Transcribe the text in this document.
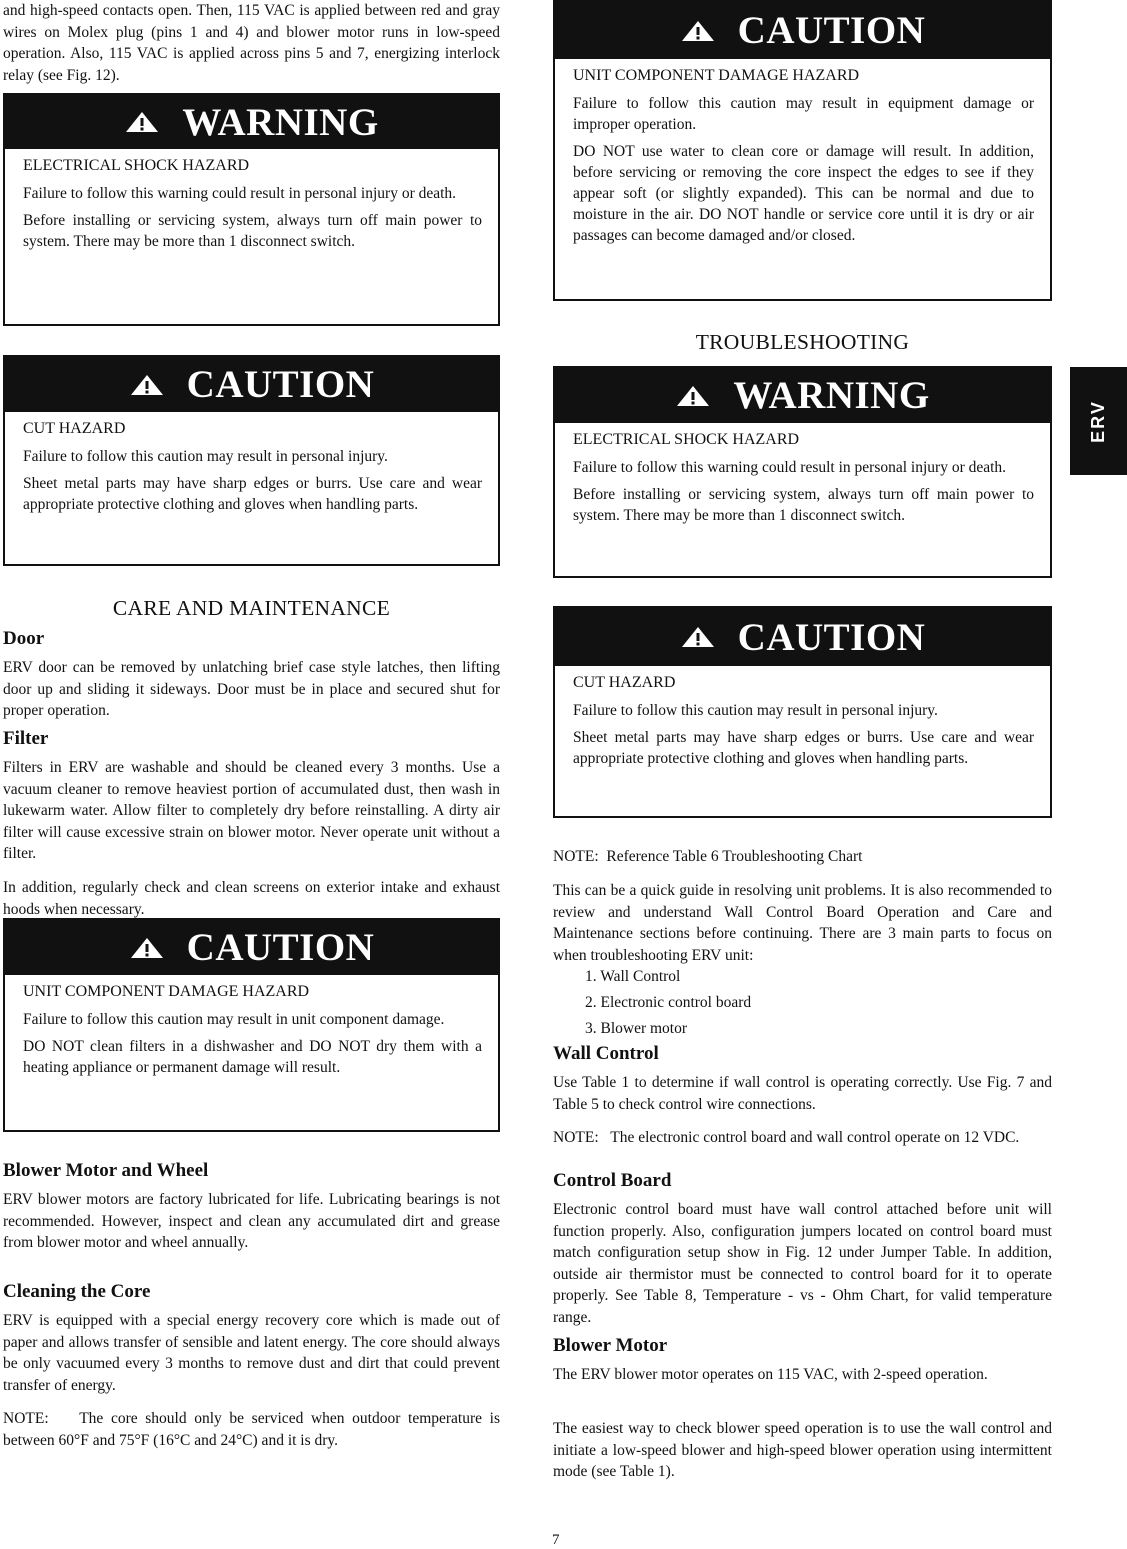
and high-speed contacts open. Then, 115 VAC is applied between red and gray wires on Molex plug (pins 1 and 4) and blower motor runs in low-speed operation. Also, 115 VAC is applied across pins 5 and 7, energizing interlock relay (see Fig. 12).

WARNING
ELECTRICAL SHOCK HAZARD

Failure to follow this warning could result in personal injury or death.

Before installing or servicing system, always turn off main power to system. There may be more than 1 disconnect switch.

CAUTION
CUT HAZARD

Failure to follow this caution may result in personal injury.

Sheet metal parts may have sharp edges or burrs. Use care and wear appropriate protective clothing and gloves when handling parts.

CARE AND MAINTENANCE
Door

ERV door can be removed by unlatching brief case style latches, then lifting door up and sliding it sideways. Door must be in place and secured shut for proper operation.

Filter

Filters in ERV are washable and should be cleaned every 3 months. Use a vacuum cleaner to remove heaviest portion of accumulated dust, then wash in lukewarm water. Allow filter to completely dry before reinstalling. A dirty air filter will cause excessive strain on blower motor. Never operate unit without a filter.

In addition, regularly check and clean screens on exterior intake and exhaust hoods when necessary.

CAUTION
UNIT COMPONENT DAMAGE HAZARD

Failure to follow this caution may result in unit component damage.

DO NOT clean filters in a dishwasher and DO NOT dry them with a heating appliance or permanent damage will result.

Blower Motor and Wheel

ERV blower motors are factory lubricated for life. Lubricating bearings is not recommended. However, inspect and clean any accumulated dirt and grease from blower motor and wheel annually.

Cleaning the Core

ERV is equipped with a special energy recovery core which is made out of paper and allows transfer of sensible and latent energy. The core should always be only vacuumed every 3 months to remove dust and dirt that could prevent transfer of energy.

NOTE: The core should only be serviced when outdoor temperature is between 60°F and 75°F (16°C and 24°C) and it is dry.

CAUTION
UNIT COMPONENT DAMAGE HAZARD

Failure to follow this caution may result in equipment damage or improper operation.

DO NOT use water to clean core or damage will result. In addition, before servicing or removing the core inspect the edges to see if they appear soft (or slightly expanded). This can be normal and due to moisture in the air. DO NOT handle or service core until it is dry or air passages can become damaged and/or closed.

TROUBLESHOOTING
WARNING
ELECTRICAL SHOCK HAZARD

Failure to follow this warning could result in personal injury or death.

Before installing or servicing system, always turn off main power to system. There may be more than 1 disconnect switch.

CAUTION
CUT HAZARD

Failure to follow this caution may result in personal injury.

Sheet metal parts may have sharp edges or burrs. Use care and wear appropriate protective clothing and gloves when handling parts.

NOTE: Reference Table 6 Troubleshooting Chart

This can be a quick guide in resolving unit problems. It is also recommended to review and understand Wall Control Board Operation and Care and Maintenance sections before continuing. There are 3 main parts to focus on when troubleshooting ERV unit:

1. Wall Control
2. Electronic control board
3. Blower motor
Wall Control

Use Table 1 to determine if wall control is operating correctly. Use Fig. 7 and Table 5 to check control wire connections.

NOTE: The electronic control board and wall control operate on 12 VDC.

Control Board

Electronic control board must have wall control attached before unit will function properly. Also, configuration jumpers located on control board must match configuration setup show in Fig. 12 under Jumper Table. In addition, outside air thermistor must be connected to control board for it to operate properly. See Table 8, Temperature - vs - Ohm Chart, for valid temperature range.

Blower Motor

The ERV blower motor operates on 115 VAC, with 2-speed operation.

The easiest way to check blower speed operation is to use the wall control and initiate a low-speed blower and high-speed blower operation using intermittent mode (see Table 1).

ERV
7
